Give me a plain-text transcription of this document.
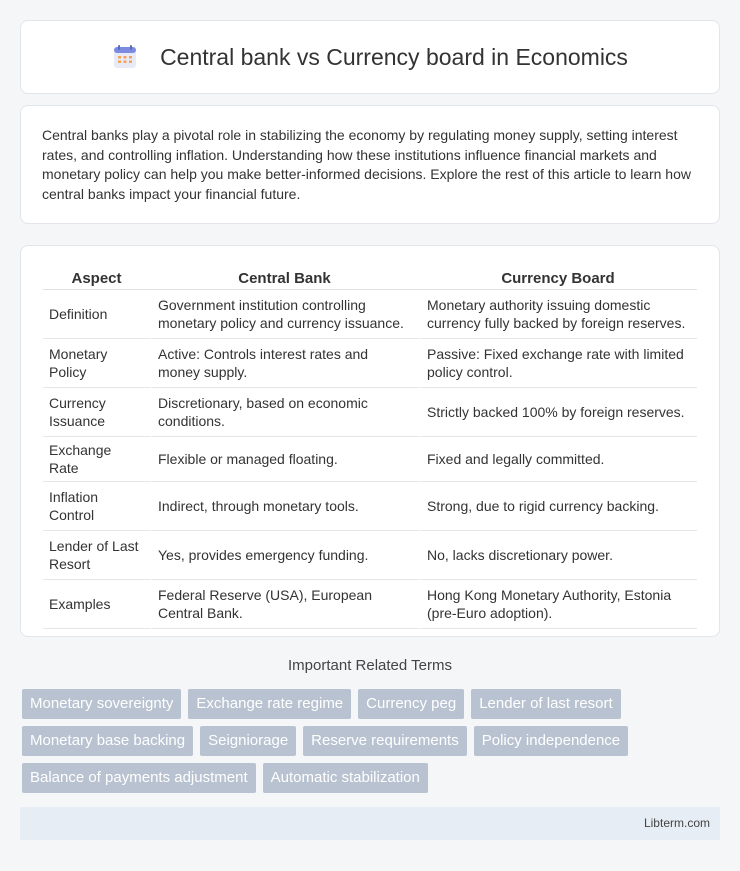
Central bank vs Currency board in Economics

Central banks play a pivotal role in stabilizing the economy by regulating money supply, setting interest rates, and controlling inflation. Understanding how these institutions influence financial markets and monetary policy can help you make better-informed decisions. Explore the rest of this article to learn how central banks impact your financial future.

Aspect	Central Bank	Currency Board
Definition	Government institution controlling monetary policy and currency issuance.	Monetary authority issuing domestic currency fully backed by foreign reserves.
Monetary Policy	Active: Controls interest rates and money supply.	Passive: Fixed exchange rate with limited policy control.
Currency Issuance	Discretionary, based on economic conditions.	Strictly backed 100% by foreign reserves.
Exchange Rate	Flexible or managed floating.	Fixed and legally committed.
Inflation Control	Indirect, through monetary tools.	Strong, due to rigid currency backing.
Lender of Last Resort	Yes, provides emergency funding.	No, lacks discretionary power.
Examples	Federal Reserve (USA), European Central Bank.	Hong Kong Monetary Authority, Estonia (pre-Euro adoption).
Important Related Terms
Monetary sovereignty	Exchange rate regime	Currency peg	Lender of last resort
Monetary base backing	Seigniorage	Reserve requirements	Policy independence
Balance of payments adjustment	Automatic stabilization
Libterm.com
